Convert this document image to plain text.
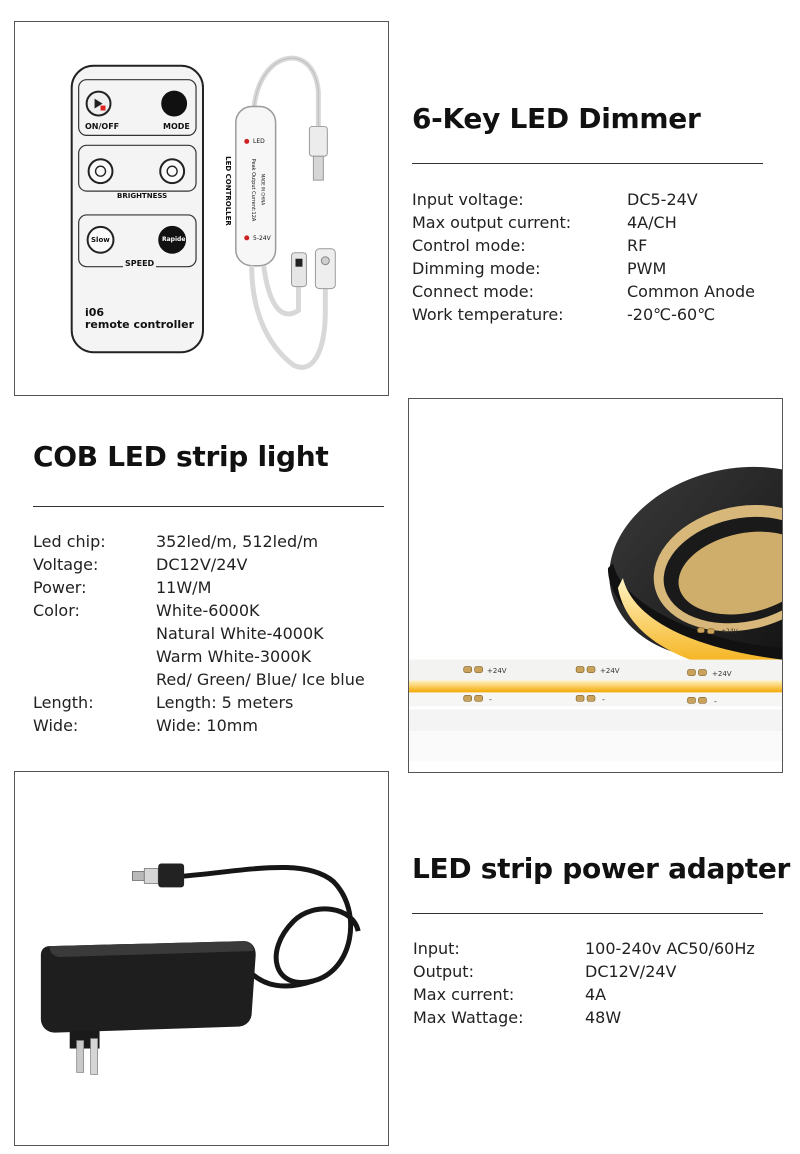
ON/OFF	MODE
BRIGHTNESS
Slow	Rapide
SPEED
i06
remote controller
LED
LED CONTROLLER	Peak Output Current:12A MADE IN CHINA
5-24V
6-Key LED Dimmer
Input voltage:	DC5-24V
Max output current:	4A/CH
Control mode:	RF
Dimming mode:	PWM
Connect mode:	Common Anode
Work temperature:	-20℃-60℃
COB LED strip light
Led chip:	352led/m, 512led/m
Voltage:	DC12V/24V
Power:	11W/M
Color:	White-6000K
Natural White-4000K
Warm White-3000K
Red/ Green/ Blue/ Ice blue
Length:	Length: 5 meters
Wide:	Wide: 10mm
+24V
-
+24V
-
+24V
-
+24V
LED strip power adapter
Input:	100-240v AC50/60Hz
Output:	DC12V/24V
Max current:	4A
Max Wattage:	48W
